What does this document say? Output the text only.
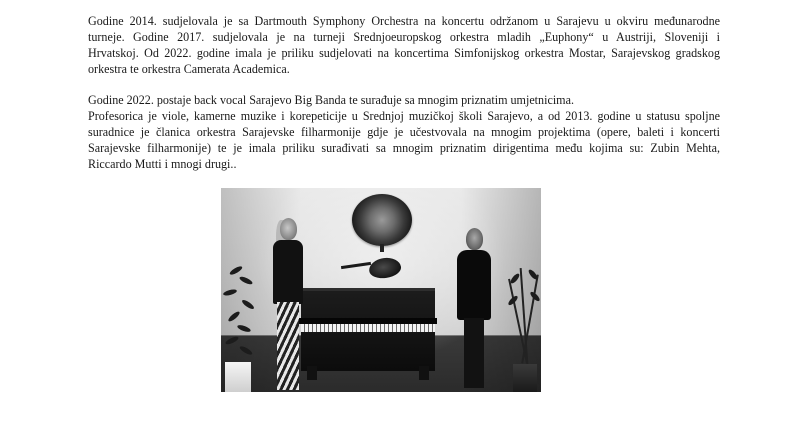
Godine 2014. sudjelovala je sa Dartmouth Symphony Orchestra na koncertu održanom u Sarajevu u okviru međunarodne
turneje. Godine 2017. sudjelovala je na turneji Srednjoeuropskog orkestra mladih „Euphony“ u Austriji, Sloveniji i
Hrvatskoj. Od 2022. godine imala je priliku sudjelovati na koncertima Simfonijskog orkestra Mostar, Sarajevskog gradskog
orkestra te orkestra Camerata Academica.
Godine 2022. postaje back vocal Sarajevo Big Banda te surađuje sa mnogim priznatim umjetnicima.
Profesorica je viole, kamerne muzike i korepeticije u Srednjoj muzičkoj školi Sarajevo, a od 2013. godine u statusu spoljne
suradnice je članica orkestra Sarajevske filharmonije gdje je učestvovala na mnogim projektima (opere, baleti i koncerti
Sarajevske filharmonije) te je imala priliku surađivati sa mnogim priznatim dirigentima među kojima su: Zubin Mehta,
Riccardo Mutti i mnogi drugi..
